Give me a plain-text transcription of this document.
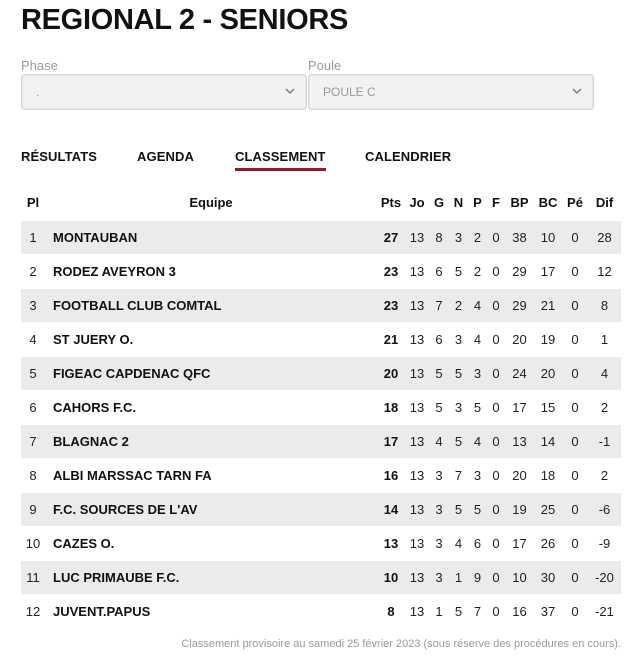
REGIONAL 2 - SENIORS
Phase
.
Poule
POULE C
RÉSULTATS	AGENDA	CLASSEMENT	CALENDRIER
Pl	Equipe	Pts	Jo	G	N	P	F	BP	BC	Pé	Dif
1	MONTAUBAN	27	13	8	3	2	0	38	10	0	28
2	RODEZ AVEYRON 3	23	13	6	5	2	0	29	17	0	12
3	FOOTBALL CLUB COMTAL	23	13	7	2	4	0	29	21	0	8
4	ST JUERY O.	21	13	6	3	4	0	20	19	0	1
5	FIGEAC CAPDENAC QFC	20	13	5	5	3	0	24	20	0	4
6	CAHORS F.C.	18	13	5	3	5	0	17	15	0	2
7	BLAGNAC 2	17	13	4	5	4	0	13	14	0	-1
8	ALBI MARSSAC TARN FA	16	13	3	7	3	0	20	18	0	2
9	F.C. SOURCES DE L'AV	14	13	3	5	5	0	19	25	0	-6
10	CAZES O.	13	13	3	4	6	0	17	26	0	-9
11	LUC PRIMAUBE F.C.	10	13	3	1	9	0	10	30	0	-20
12	JUVENT.PAPUS	8	13	1	5	7	0	16	37	0	-21
Classement provisoire au samedi 25 février 2023 (sous réserve des procédures en cours).
